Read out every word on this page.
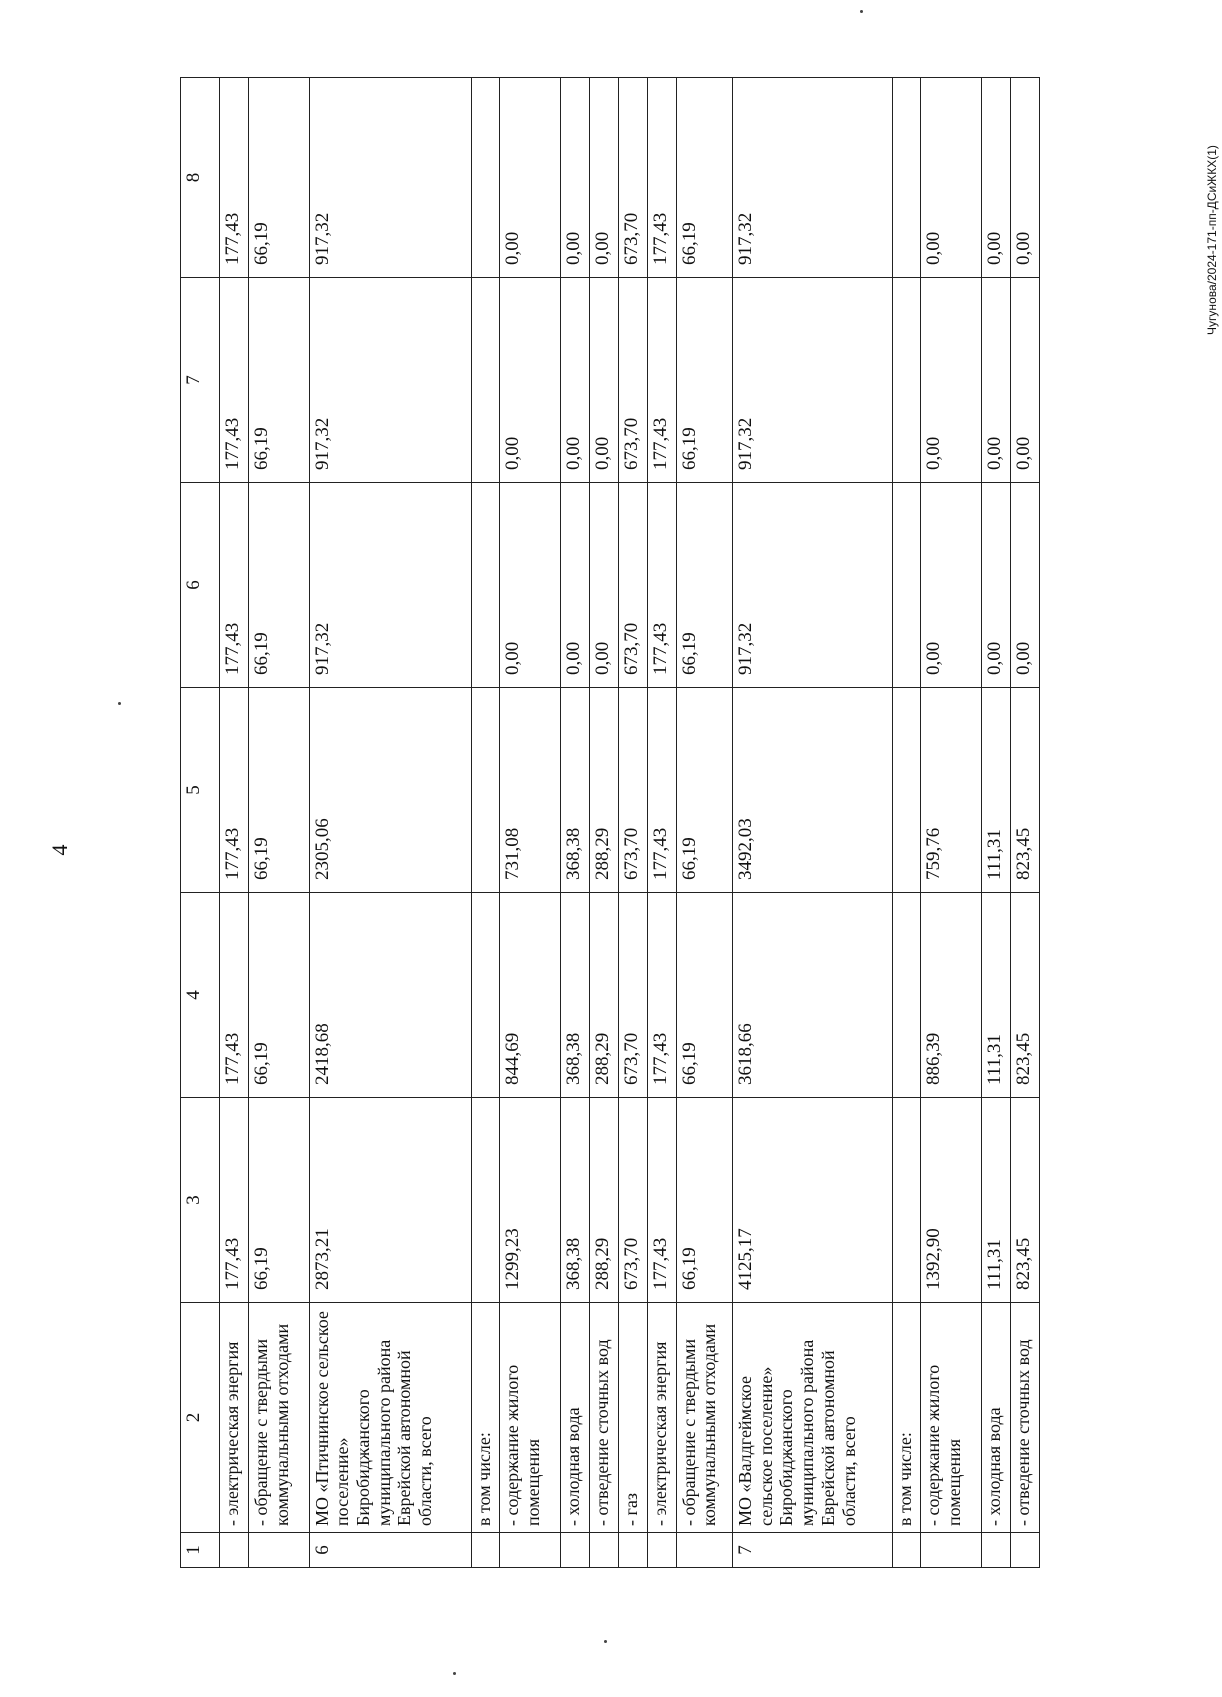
4
Чугунова/2024-171-пп-ДСиЖКХ(1)
1	2	3	4	5	6	7	8
	- электрическая энергия	177,43	177,43	177,43	177,43	177,43	177,43
	- обращение с твердыми коммунальными отходами	66,19	66,19	66,19	66,19	66,19	66,19
6	МО «Птичнинское сельское поселение» Биробиджанского муниципального района Еврейской автономной области, всего	2873,21	2418,68	2305,06	917,32	917,32	917,32
	в том числе:						
	- содержание жилого помещения	1299,23	844,69	731,08	0,00	0,00	0,00
	- холодная вода	368,38	368,38	368,38	0,00	0,00	0,00
	- отведение сточных вод	288,29	288,29	288,29	0,00	0,00	0,00
	- газ	673,70	673,70	673,70	673,70	673,70	673,70
	- электрическая энергия	177,43	177,43	177,43	177,43	177,43	177,43
	- обращение с твердыми коммунальными отходами	66,19	66,19	66,19	66,19	66,19	66,19
7	МО «Валдгеймское сельское поселение» Биробиджанского муниципального района Еврейской автономной области, всего	4125,17	3618,66	3492,03	917,32	917,32	917,32
	в том числе:						
	- содержание жилого помещения	1392,90	886,39	759,76	0,00	0,00	0,00
	- холодная вода	111,31	111,31	111,31	0,00	0,00	0,00
	- отведение сточных вод	823,45	823,45	823,45	0,00	0,00	0,00
